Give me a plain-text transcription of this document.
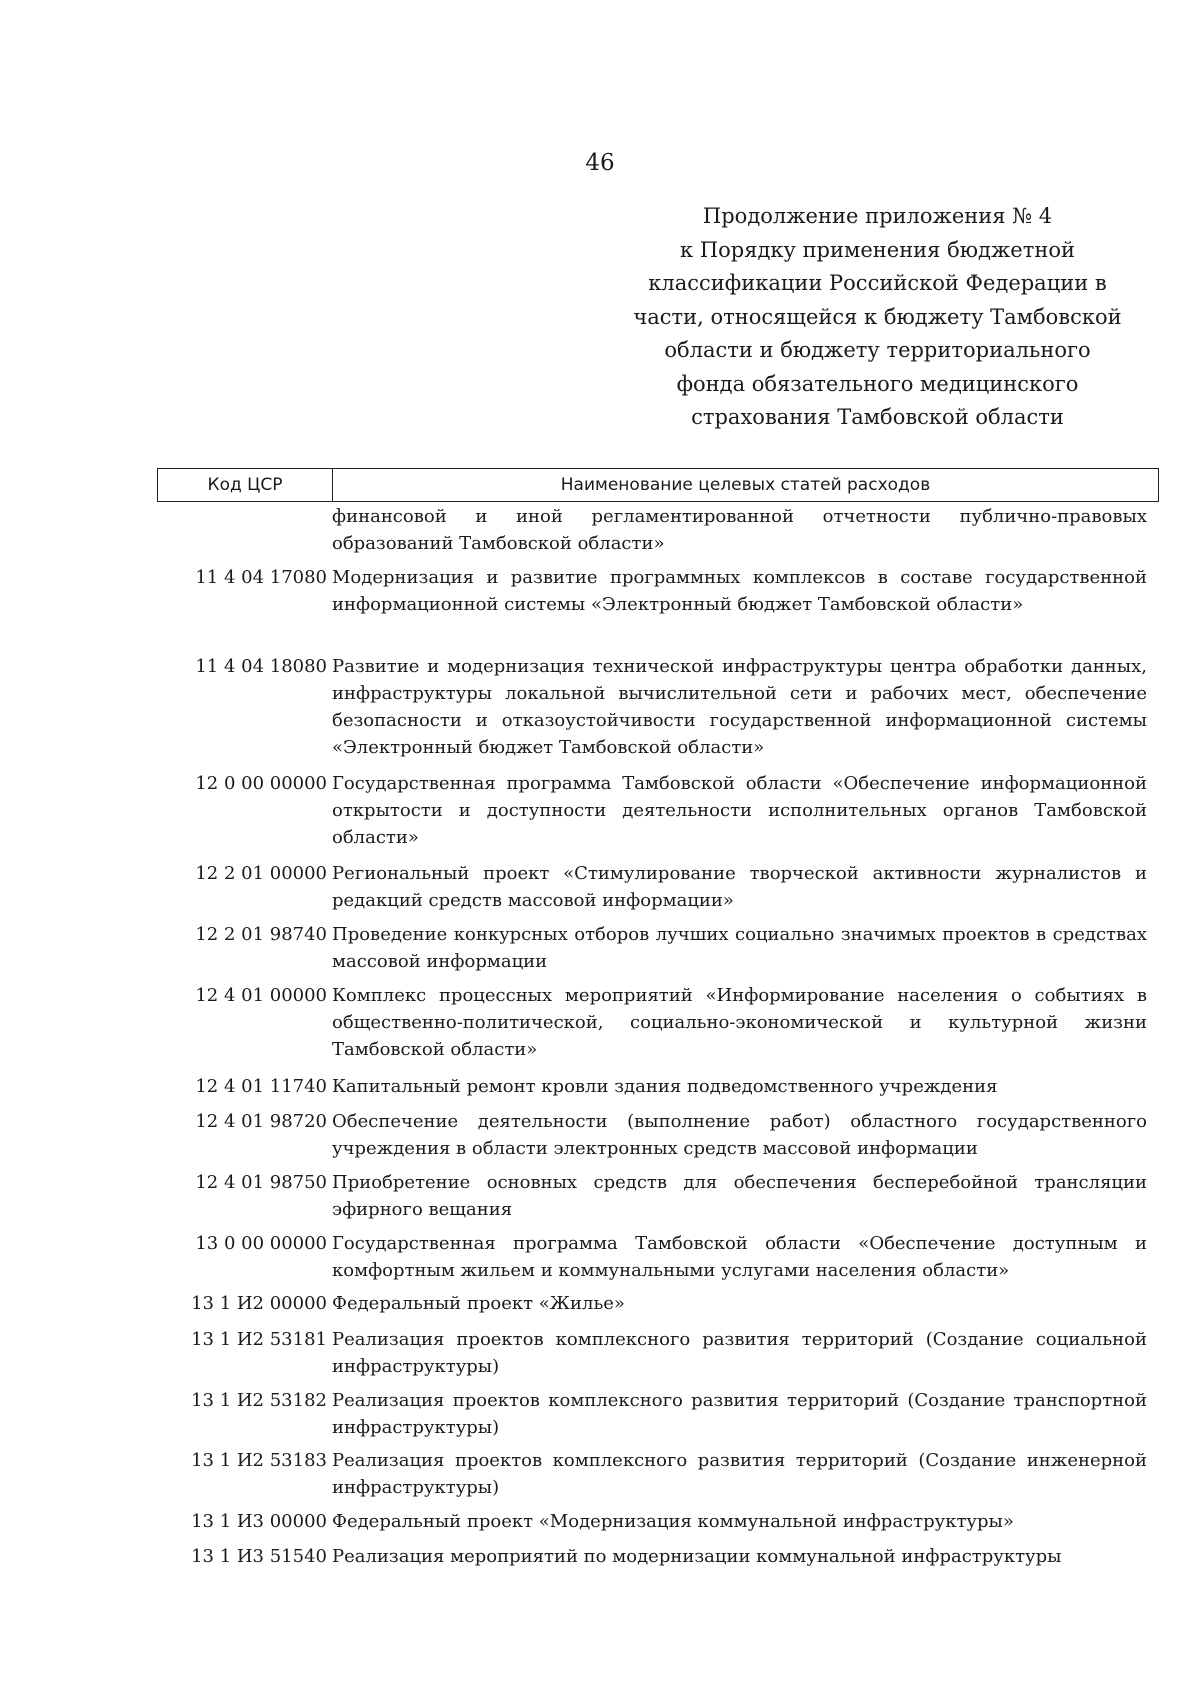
46
Продолжение приложения № 4
к Порядку применения бюджетной
классификации Российской Федерации в
части, относящейся к бюджету Тамбовской
области и бюджету территориального
фонда обязательного медицинского
страхования Тамбовской области
Код ЦСР	Наименование целевых статей расходов
финансовой и иной регламентированной отчетности публично-правовых образований Тамбовской области»
11 4 04 17080 Модернизация и развитие программных комплексов в составе государственной информационной системы «Электронный бюджет Тамбовской области»
11 4 04 18080 Развитие и модернизация технической инфраструктуры центра обработки данных, инфраструктуры локальной вычислительной сети и рабочих мест, обеспечение безопасности и отказоустойчивости государственной информационной системы «Электронный бюджет Тамбовской области»
12 0 00 00000 Государственная программа Тамбовской области «Обеспечение информационной открытости и доступности деятельности исполнительных органов Тамбовской области»
12 2 01 00000 Региональный проект «Стимулирование творческой активности журналистов и редакций средств массовой информации»
12 2 01 98740 Проведение конкурсных отборов лучших социально значимых проектов в средствах массовой информации
12 4 01 00000 Комплекс процессных мероприятий «Информирование населения о событиях в общественно-политической, социально-экономической и культурной жизни Тамбовской области»
12 4 01 11740 Капитальный ремонт кровли здания подведомственного учреждения
12 4 01 98720 Обеспечение деятельности (выполнение работ) областного государственного учреждения в области электронных средств массовой информации
12 4 01 98750 Приобретение основных средств для обеспечения бесперебойной трансляции эфирного вещания
13 0 00 00000 Государственная программа Тамбовской области «Обеспечение доступным и комфортным жильем и коммунальными услугами населения области»
13 1 И2 00000 Федеральный проект «Жилье»
13 1 И2 53181 Реализация проектов комплексного развития территорий (Создание социальной инфраструктуры)
13 1 И2 53182 Реализация проектов комплексного развития территорий (Создание транспортной инфраструктуры)
13 1 И2 53183 Реализация проектов комплексного развития территорий (Создание инженерной инфраструктуры)
13 1 И3 00000 Федеральный проект «Модернизация коммунальной инфраструктуры»
13 1 И3 51540 Реализация мероприятий по модернизации коммунальной инфраструктуры
